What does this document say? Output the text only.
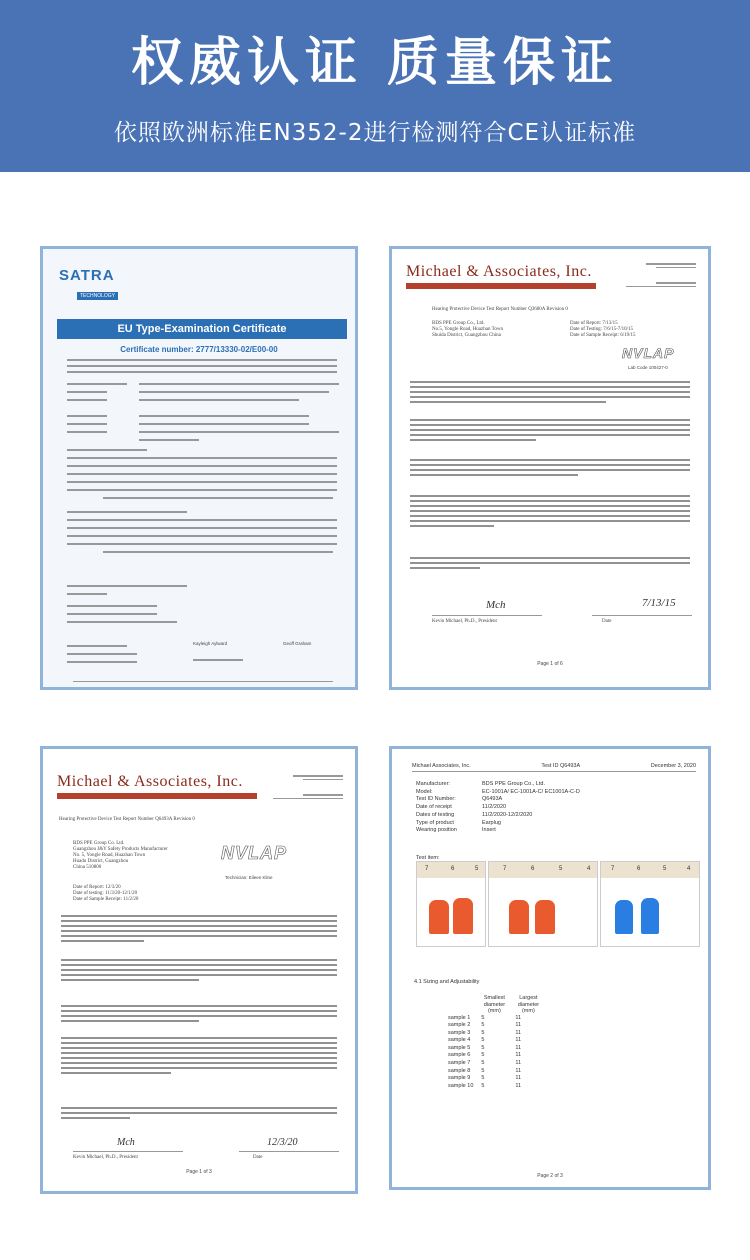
权威认证 质量保证
依照欧洲标准EN352-2进行检测符合CE认证标准
SATRA
TECHNOLOGY
EU Type-Examination Certificate
Certificate number: 2777/13330-02/E00-00
Kayleigh Aylward	Geoff Graham
Michael & Associates, Inc.
Hearing Protective Device Test Report Number Q3680A Revision 0
BDS PPE Group Co., Ltd.
No.5, Yongle Road, Huazhan Town
Shuida District, Guangzhou China
Date of Report: 7/13/15
Date of Testing: 7/6/15-7/10/15
Date of Sample Receipt: 6/19/15
NVLAP
Lab Code 100427-0
Mch	7/13/15
Kevin Michael, Ph.D., President	Date
Page 1 of 6
Michael & Associates, Inc.
Hearing Protective Device Test Report Number Q6493A Revision 0
BDS PPE Group Co. Ltd.
Guangzhou J&Y Safety Products Manufacturer
No. 5, Yongle Road, Huazhan Town
Huadu District, Guangzhou
China 510800
NVLAP
Technician: Eileen Kline
Date of Report: 12/3/20
Date of testing: 11/3/20-12/1/20
Date of Sample Receipt: 11/2/20
Mch	12/3/20
Kevin Michael, Ph.D., President	Date
Page 1 of 3
Michael Associates, Inc.	Test ID Q6493A	December 3, 2020
Manufacturer:	BDS PPE Group Co., Ltd.
Model:	EC-1001A/ EC-1001A-C/ EC1001A-C-D
Test ID Number:	Q6493A
Date of receipt	11/2/2020
Dates of testing	11/2/2020-12/2/2020
Type of product	Earplug
Wearing position	Insert
Test item:
7	6	5	7	6	5	4	7	6	5	4
4.1 Sizing and Adjustability
	Smallest diameter (mm)	Largest diameter (mm)
sample 1	5	11
sample 2	5	11
sample 3	5	11
sample 4	5	11
sample 5	5	11
sample 6	5	11
sample 7	5	11
sample 8	5	11
sample 9	5	11
sample 10	5	11
Page 2 of 3
